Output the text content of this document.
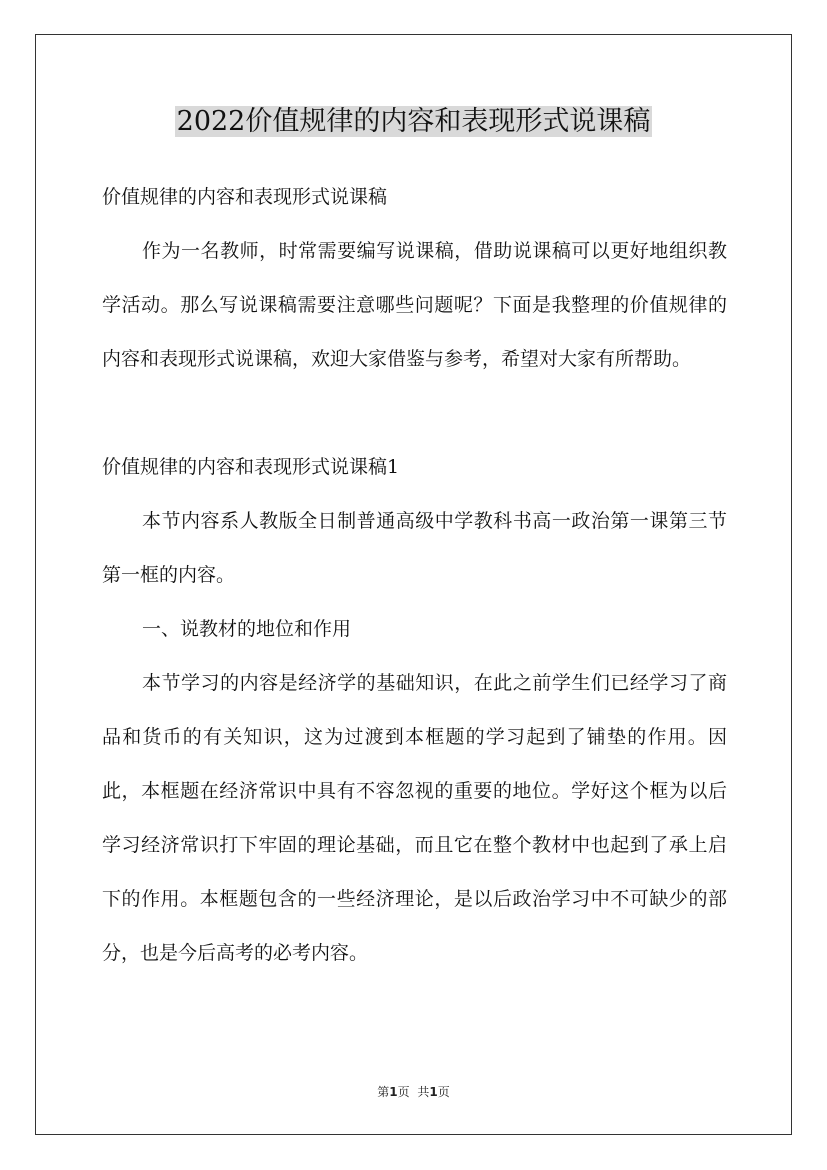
2022价值规律的内容和表现形式说课稿

价值规律的内容和表现形式说课稿

作为一名教师，时常需要编写说课稿，借助说课稿可以更好地组织教学活动。那么写说课稿需要注意哪些问题呢？下面是我整理的价值规律的内容和表现形式说课稿，欢迎大家借鉴与参考，希望对大家有所帮助。

价值规律的内容和表现形式说课稿1

本节内容系人教版全日制普通高级中学教科书高一政治第一课第三节第一框的内容。

一、说教材的地位和作用

本节学习的内容是经济学的基础知识，在此之前学生们已经学习了商品和货币的有关知识，这为过渡到本框题的学习起到了铺垫的作用。因此，本框题在经济常识中具有不容忽视的重要的地位。学好这个框为以后学习经济常识打下牢固的理论基础，而且它在整个教材中也起到了承上启下的作用。本框题包含的一些经济理论，是以后政治学习中不可缺少的部分，也是今后高考的必考内容。

第1页 共1页
